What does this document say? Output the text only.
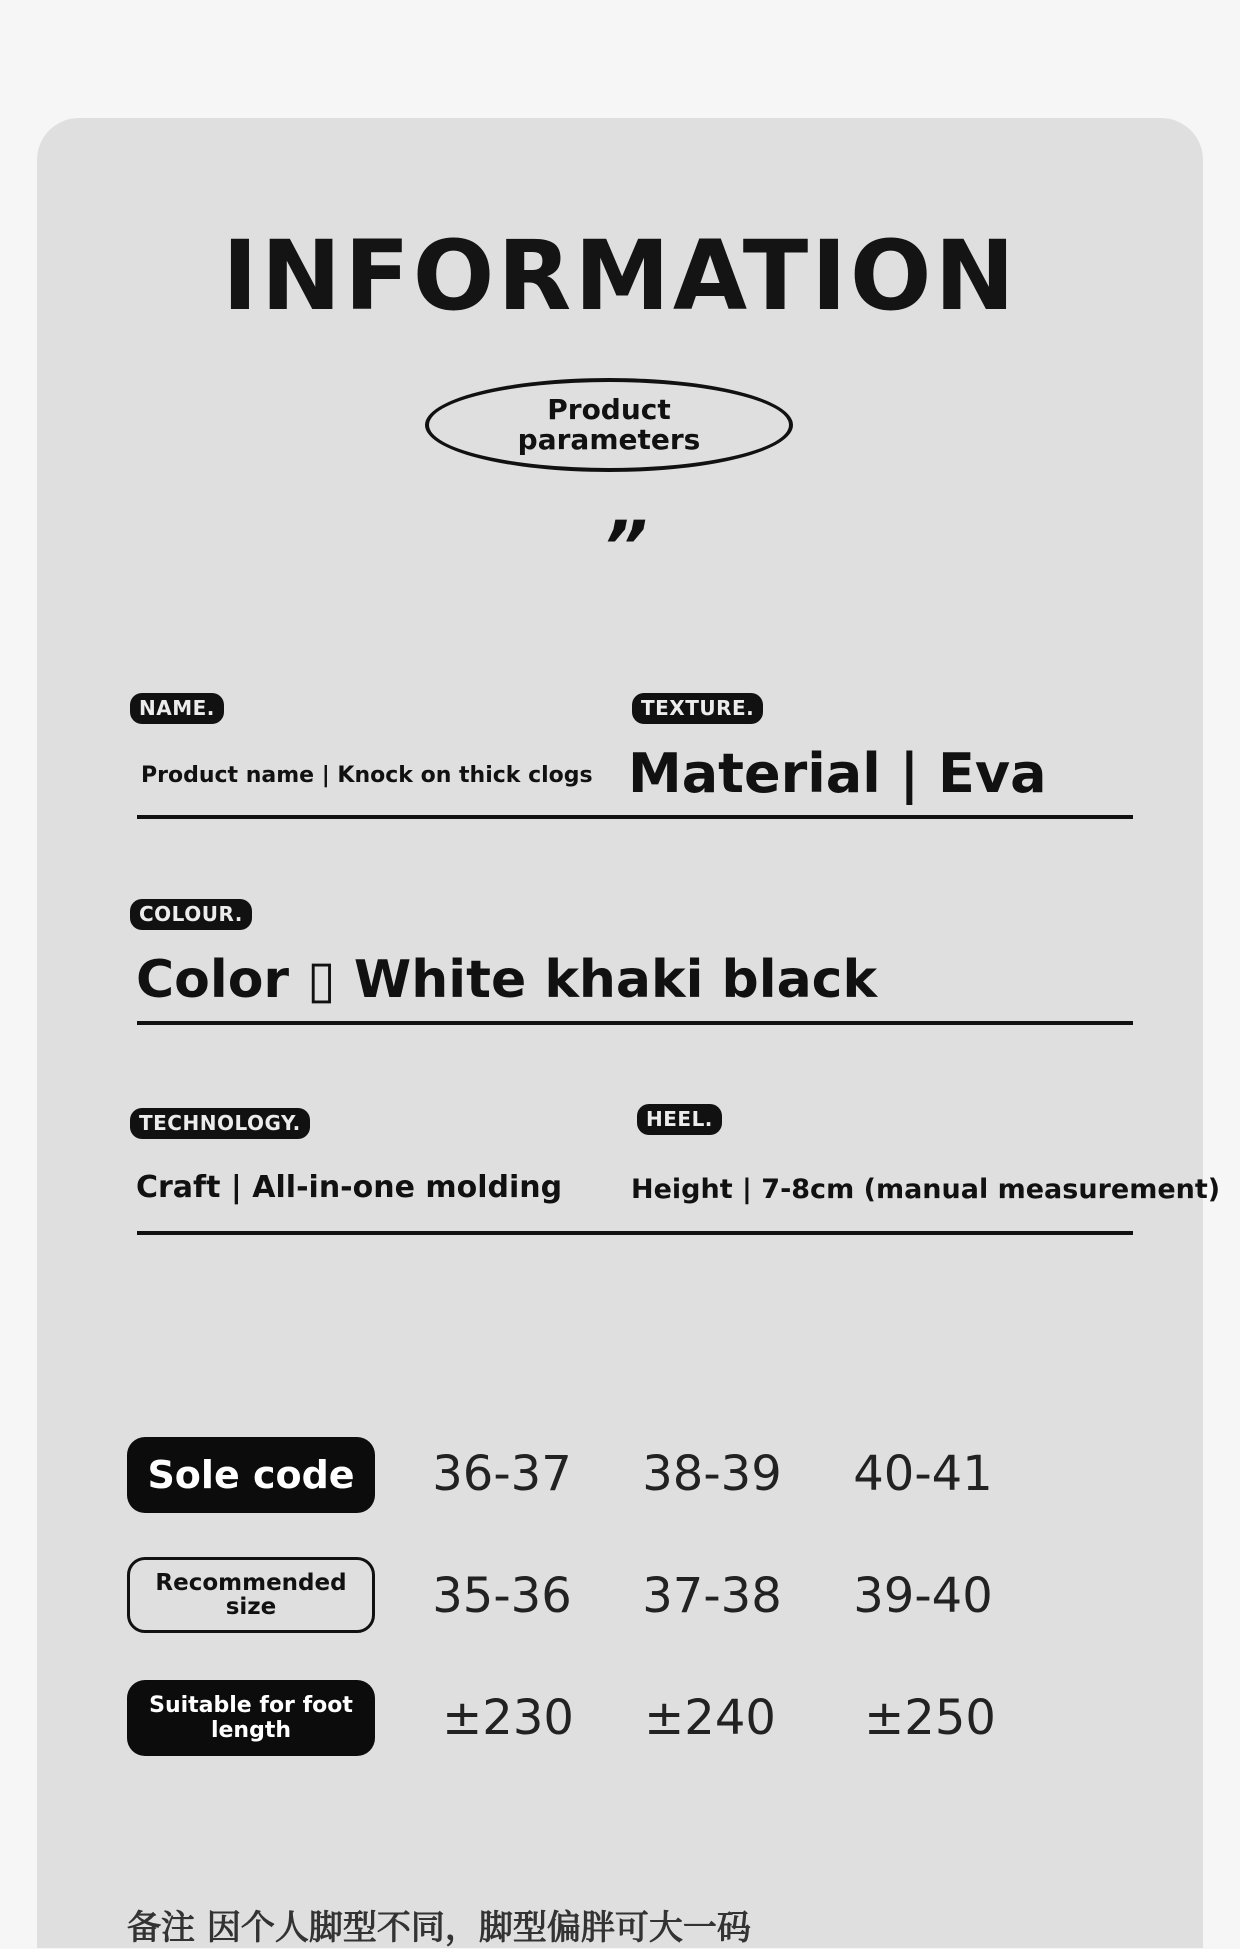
INFORMATION
Product
parameters
”
NAME.
Product name | Knock on thick clogs
TEXTURE.
Material | Eva
COLOUR.
Color ▯ White khaki black
TECHNOLOGY.
Craft | All-in-one molding
HEEL.
Height | 7-8cm (manual measurement)
Sole code	36-37	38-39	40-41
Recommended
size	35-36	37-38	39-40
Suitable for foot
length	±230	±240	±250
备注 因个人脚型不同，脚型偏胖可大一码
